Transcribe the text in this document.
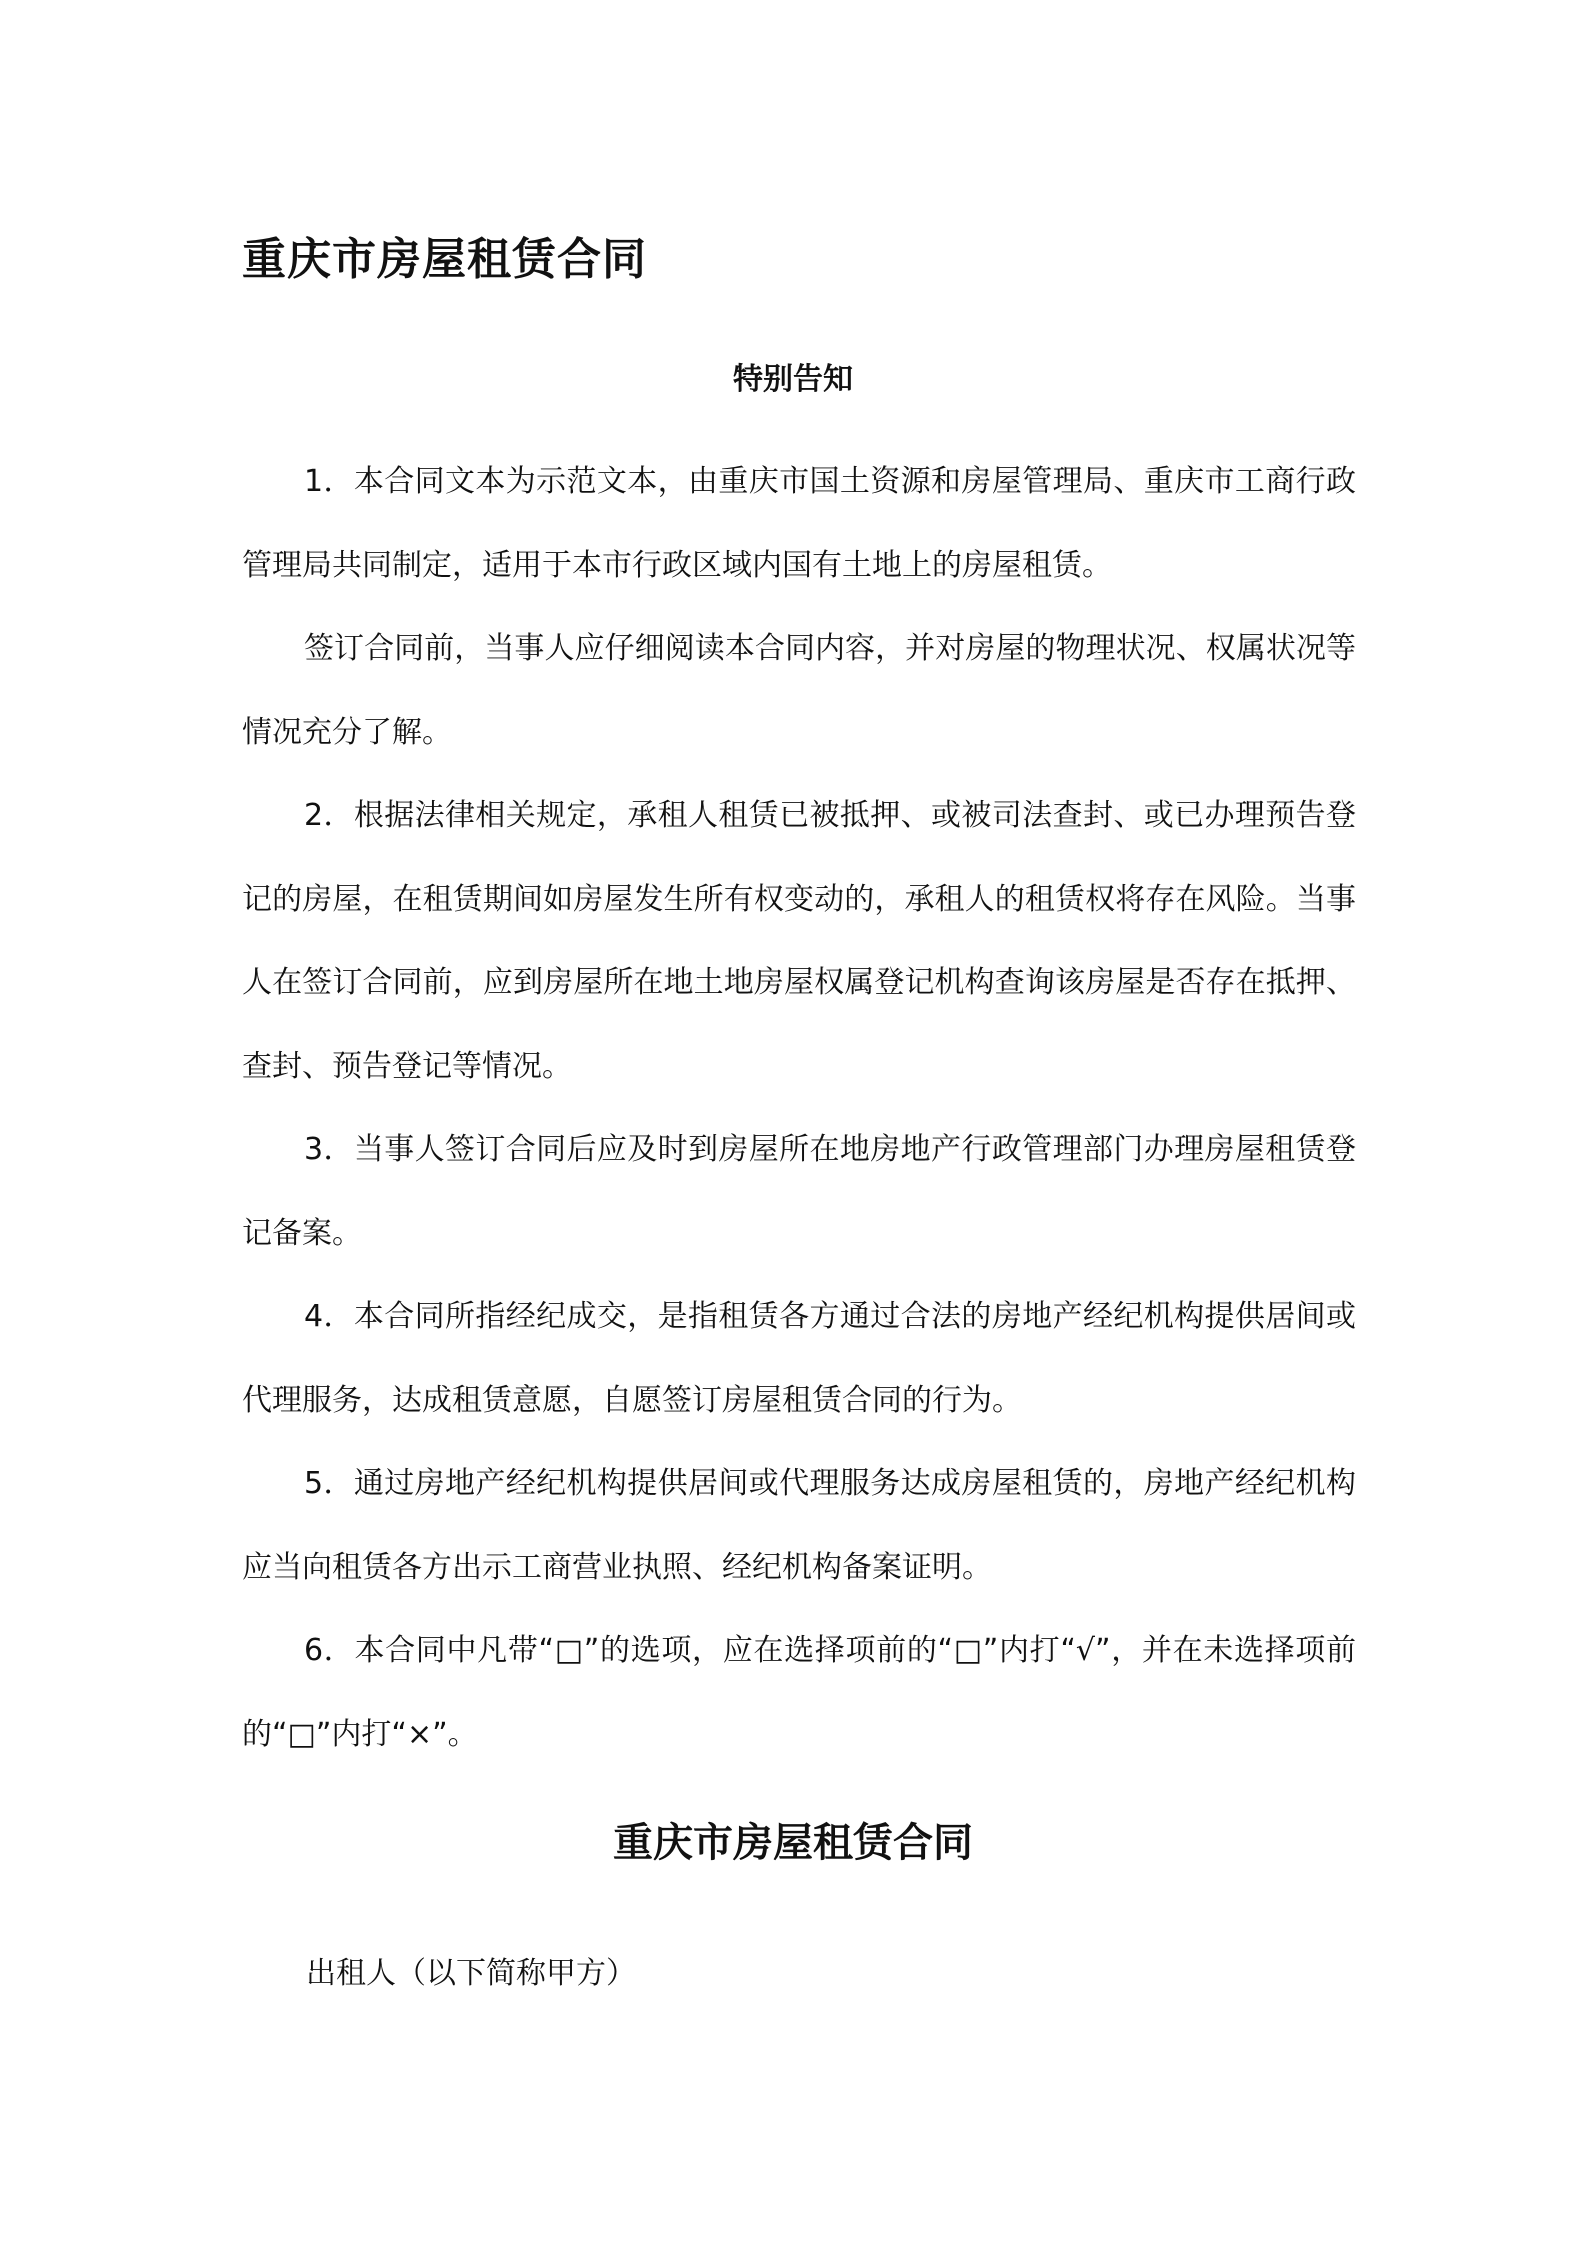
重庆市房屋租赁合同
特别告知

1．本合同文本为示范文本，由重庆市国土资源和房屋管理局、重庆市工商行政管理局共同制定，适用于本市行政区域内国有土地上的房屋租赁。

签订合同前，当事人应仔细阅读本合同内容，并对房屋的物理状况、权属状况等情况充分了解。

2．根据法律相关规定，承租人租赁已被抵押、或被司法查封、或已办理预告登记的房屋，在租赁期间如房屋发生所有权变动的，承租人的租赁权将存在风险。当事人在签订合同前，应到房屋所在地土地房屋权属登记机构查询该房屋是否存在抵押、查封、预告登记等情况。

3．当事人签订合同后应及时到房屋所在地房地产行政管理部门办理房屋租赁登记备案。

4．本合同所指经纪成交，是指租赁各方通过合法的房地产经纪机构提供居间或代理服务，达成租赁意愿，自愿签订房屋租赁合同的行为。

5．通过房地产经纪机构提供居间或代理服务达成房屋租赁的，房地产经纪机构应当向租赁各方出示工商营业执照、经纪机构备案证明。

6．本合同中凡带“□”的选项，应在选择项前的“□”内打“√”，并在未选择项前的“□”内打“×”。

重庆市房屋租赁合同

出租人（以下简称甲方）
